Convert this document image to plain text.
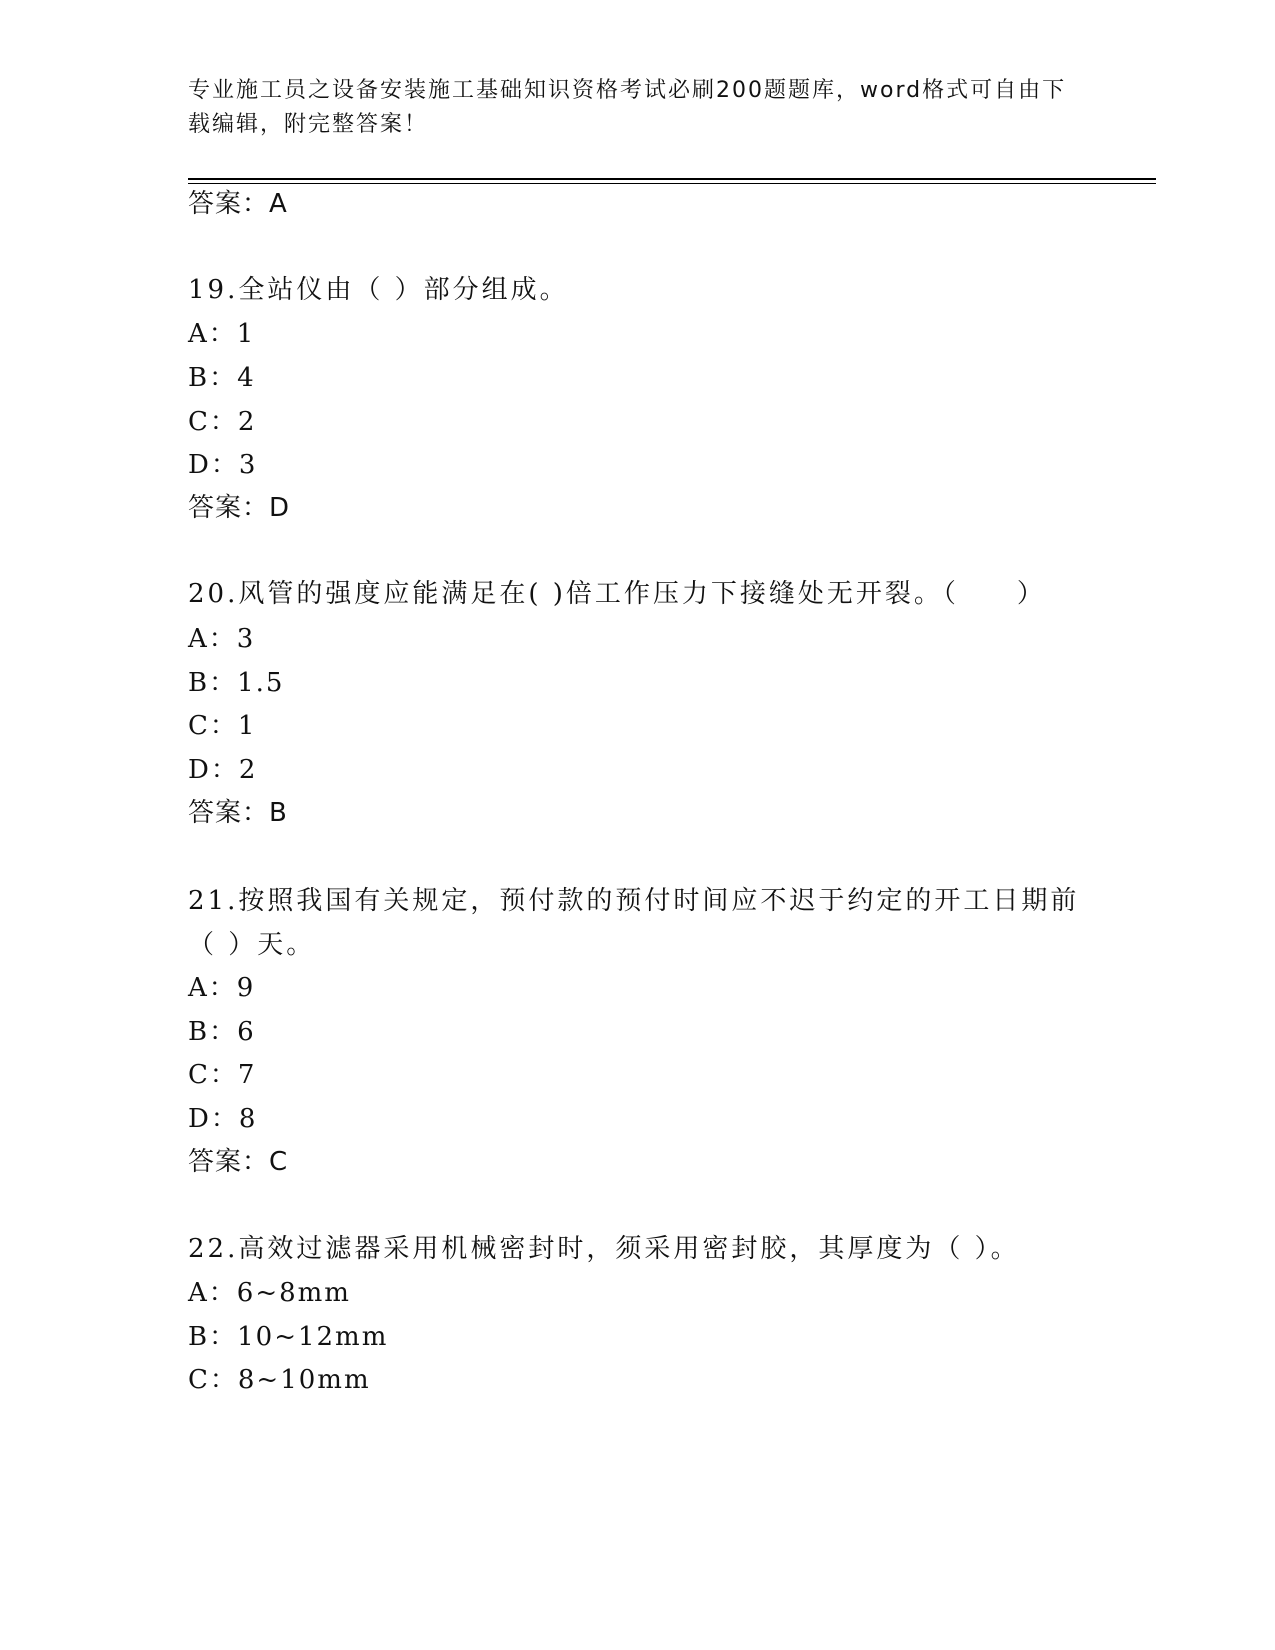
专业施工员之设备安装施工基础知识资格考试必刷200题题库，word格式可自由下载编辑，附完整答案！
答案：A
19.全站仪由（ ）部分组成。
A：1
B：4
C：2
D：3
答案：D
20.风管的强度应能满足在( )倍工作压力下接缝处无开裂。（　　）
A：3
B：1.5
C：1
D：2
答案：B
21.按照我国有关规定，预付款的预付时间应不迟于约定的开工日期前（ ）天。
A：9
B：6
C：7
D：8
答案：C
22.高效过滤器采用机械密封时，须采用密封胶，其厚度为（ ）。
A：6~8mm
B：10~12mm
C：8~10mm
